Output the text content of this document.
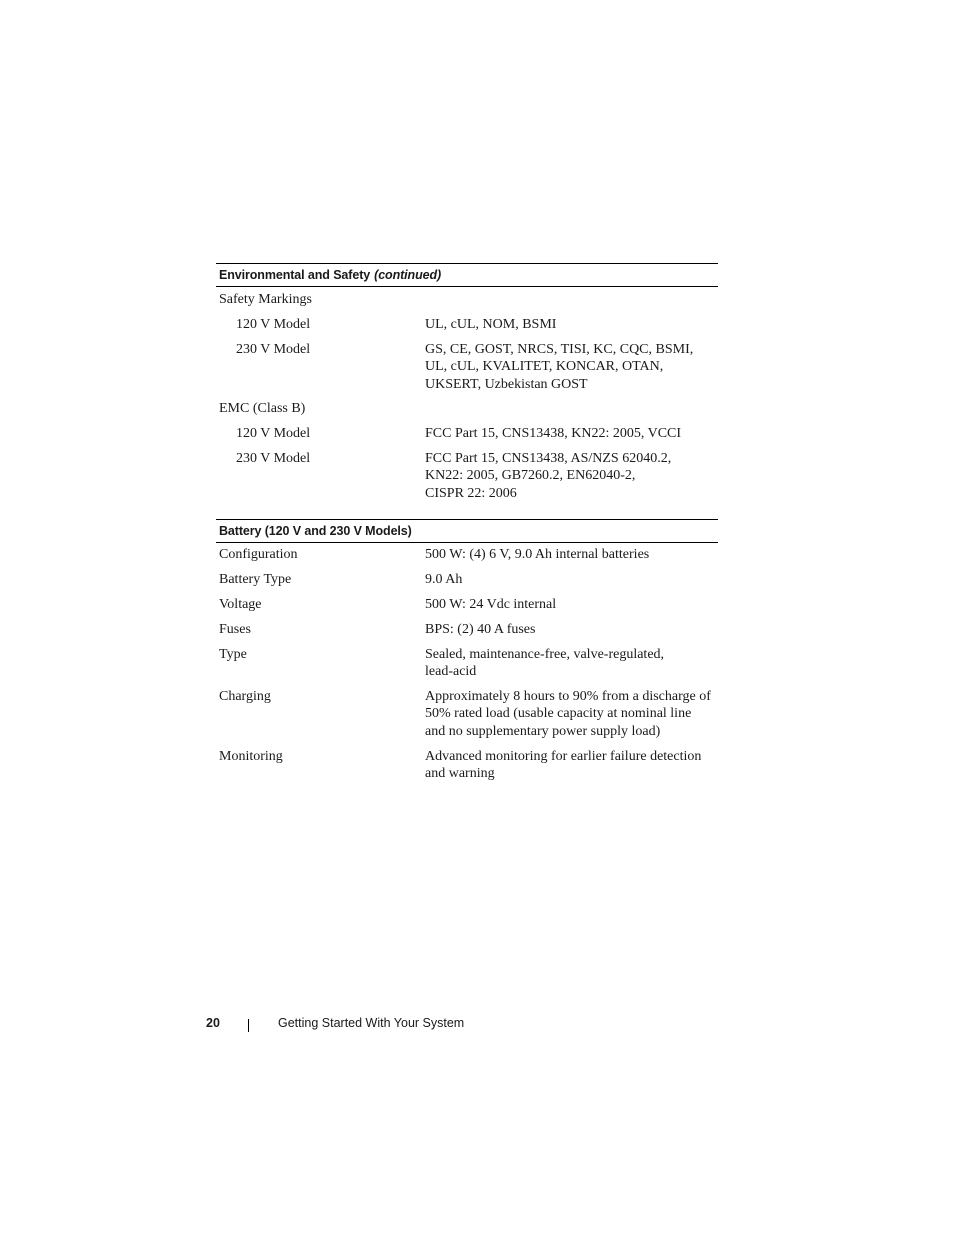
Environmental and Safety (continued)
Safety Markings
120 V Model	UL, cUL, NOM, BSMI
230 V Model	GS, CE, GOST, NRCS, TISI, KC, CQC, BSMI,
UL, cUL, KVALITET, KONCAR, OTAN,
UKSERT, Uzbekistan GOST
EMC (Class B)
120 V Model	FCC Part 15, CNS13438, KN22: 2005, VCCI
230 V Model	FCC Part 15, CNS13438, AS/NZS 62040.2,
KN22: 2005, GB7260.2, EN62040-2,
CISPR 22: 2006
Battery (120 V and 230 V Models)
Configuration	500 W: (4) 6 V, 9.0 Ah internal batteries
Battery Type	9.0 Ah
Voltage	500 W: 24 Vdc internal
Fuses	BPS: (2) 40 A fuses
Type	Sealed, maintenance-free, valve-regulated,
lead-acid
Charging	Approximately 8 hours to 90% from a discharge of
50% rated load (usable capacity at nominal line
and no supplementary power supply load)
Monitoring	Advanced monitoring for earlier failure detection
and warning
20	Getting Started With Your System
